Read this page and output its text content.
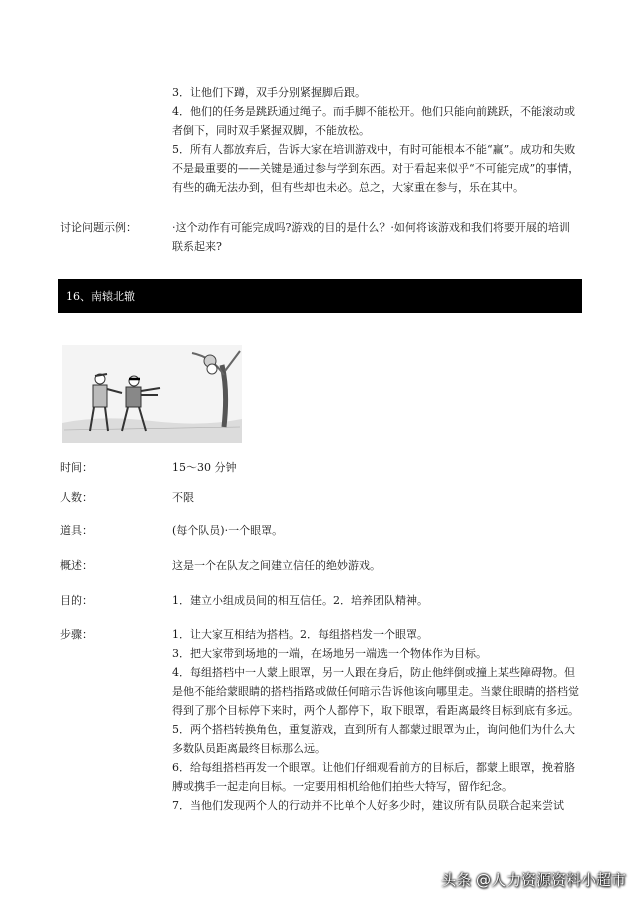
3．让他们下蹲，双手分别紧握脚后跟。

4．他们的任务是跳跃通过绳子。而手脚不能松开。他们只能向前跳跃，不能滚动或者倒下，同时双手紧握双脚，不能放松。

5．所有人都放弃后，告诉大家在培训游戏中，有时可能根本不能“赢”。成功和失败不是最重要的——关键是通过参与学到东西。对于看起来似乎“不可能完成”的事情，有些的确无法办到，但有些却也未必。总之，大家重在参与，乐在其中。

讨论问题示例：	·这个动作有可能完成吗?游戏的目的是什么？·如何将该游戏和我们将要开展的培训联系起来?
16、南辕北辙
时间：	15～30 分钟
人数：	不限
道具：	(每个队员)·一个眼罩。
概述：	这是一个在队友之间建立信任的绝妙游戏。
目的：	1．建立小组成员间的相互信任。2．培养团队精神。
步骤：	1．让大家互相结为搭档。2．每组搭档发一个眼罩。

3．把大家带到场地的一端，在场地另一端选一个物体作为目标。

4．每组搭档中一人蒙上眼罩，另一人跟在身后，防止他绊倒或撞上某些障碍物。但是他不能给蒙眼睛的搭档指路或做任何暗示告诉他该向哪里走。当蒙住眼睛的搭档觉得到了那个目标停下来时，两个人都停下，取下眼罩，看距离最终目标到底有多远。

5．两个搭档转换角色，重复游戏，直到所有人都蒙过眼罩为止，询问他们为什么大多数队员距离最终目标那么远。

6．给每组搭档再发一个眼罩。让他们仔细观看前方的目标后，都蒙上眼罩，挽着胳膊或携手一起走向目标。一定要用相机给他们拍些大特写，留作纪念。

7．当他们发现两个人的行动并不比单个人好多少时，建议所有队员联合起来尝试

头条 @人力资源资料小超市
